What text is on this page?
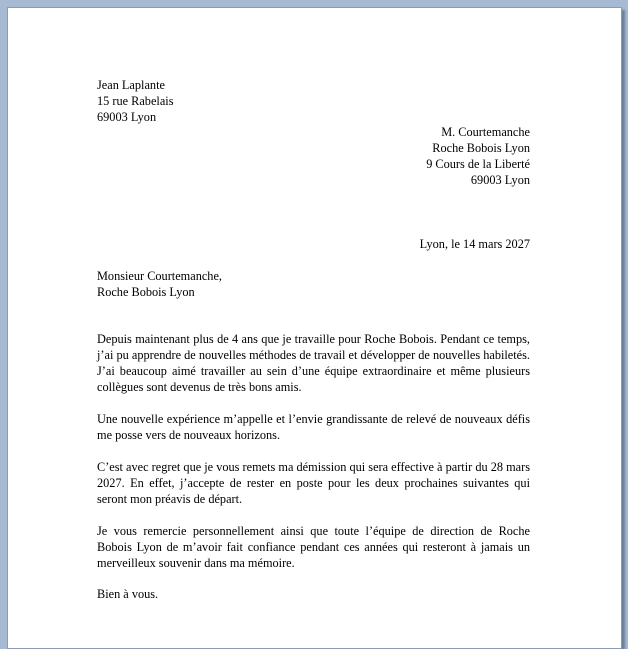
Jean Laplante
15 rue Rabelais
69003 Lyon
M. Courtemanche
Roche Bobois Lyon
9 Cours de la Liberté
69003 Lyon
Lyon, le 14 mars 2027
Monsieur Courtemanche,
Roche Bobois Lyon
Depuis maintenant plus de 4 ans que je travaille pour Roche Bobois. Pendant ce temps, j’ai pu apprendre de nouvelles méthodes de travail et développer de nouvelles habiletés. J’ai beaucoup aimé travailler au sein d’une équipe extraordinaire et même plusieurs collègues sont devenus de très bons amis.
Une nouvelle expérience m’appelle et l’envie grandissante de relevé de nouveaux défis me posse vers de nouveaux horizons.
C’est avec regret que je vous remets ma démission qui sera effective à partir du 28 mars 2027. En effet, j’accepte de rester en poste pour les deux prochaines suivantes qui seront mon préavis de départ.
Je vous remercie personnellement ainsi que toute l’équipe de direction de Roche Bobois Lyon de m’avoir fait confiance pendant ces années qui resteront à jamais un merveilleux souvenir dans ma mémoire.
Bien à vous.
